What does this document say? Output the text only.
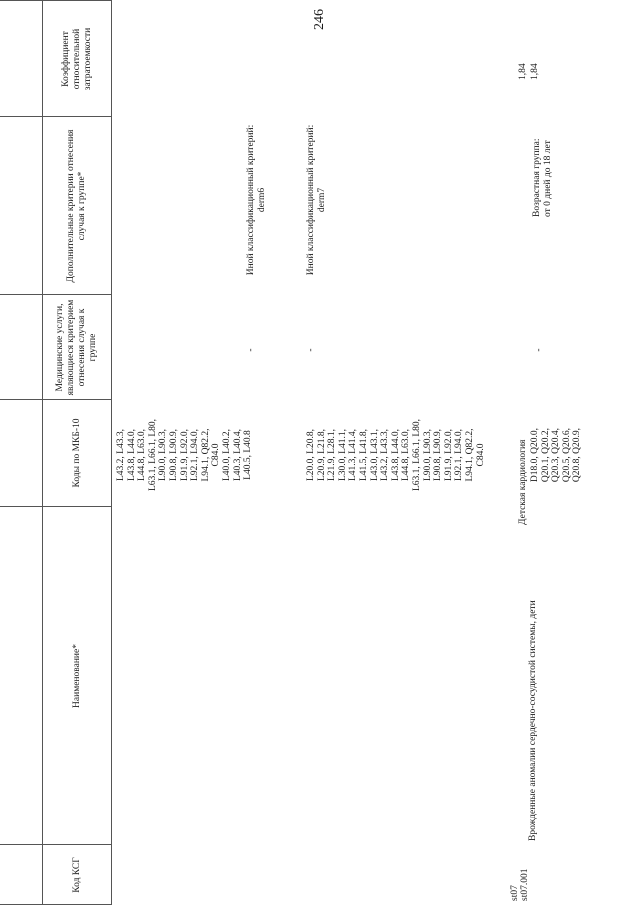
246
Код КСГ
Наименование*
Коды по МКБ-10
Медицинские услуги, являющиеся критерием отнесения случая к группе
Дополнительные критерии отнесения случая к группе*
Коэффициент относительной затратоемкости
L43.2, L43.3,
L43.8, L44.0,
L44.8, L63.0,
L63.1, L66.1, L80,
L90.0, L90.3,
L90.8, L90.9,
L91.9, L92.0,
L92.1, L94.0,
L94.1, Q82.2,
C84.0
L40.0, L40.2,
L40.3, L40.4,
L40.5, L40.8
-
Иной классификационный критерий: derm6
L20.0, L20.8,
L20.9, L21.8,
L21.9, L28.1,
L30.0, L41.1,
L41.3, L41.4,
L41.5, L41.8,
L43.0, L43.1,
L43.2, L43.3,
L43.8, L44.0,
L44.8, L63.0,
L63.1, L66.1, L80,
L90.0, L90.3,
L90.8, L90.9,
L91.9, L92.0,
L92.1, L94.0,
L94.1, Q82.2,
C84.0
-
Иной классификационный критерий: derm7
st07
Детская кардиология
1,84
st07.001
Врожденные аномалии сердечно-сосудистой системы, дети
D18.0, Q20.0,
Q20.1, Q20.2,
Q20.3, Q20.4,
Q20.5, Q20.6,
Q20.8, Q20.9,
-
Возрастная группа:
от 0 дней до 18 лет
1,84
